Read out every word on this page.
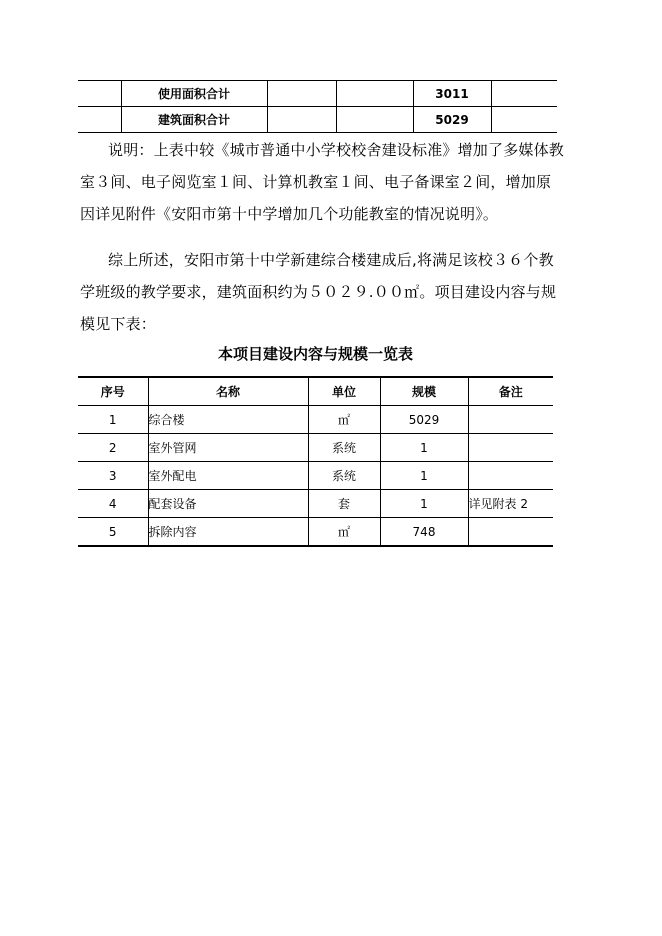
	使用面积合计			3011	
	建筑面积合计			5029	

说明：上表中较《城市普通中小学校校舍建设标准》增加了多媒体教室３间、电子阅览室１间、计算机教室１间、电子备课室２间，增加原因详见附件《安阳市第十中学增加几个功能教室的情况说明》。

综上所述，安阳市第十中学新建综合楼建成后,将满足该校３６个教学班级的教学要求，建筑面积约为５０２９.００㎡。项目建设内容与规模见下表：

本项目建设内容与规模一览表
序号	名称	单位	规模	备注
1	综合楼	㎡	5029	
2	室外管网	系统	1	
3	室外配电	系统	1	
4	配套设备	套	1	详见附表 2
5	拆除内容	㎡	748	
